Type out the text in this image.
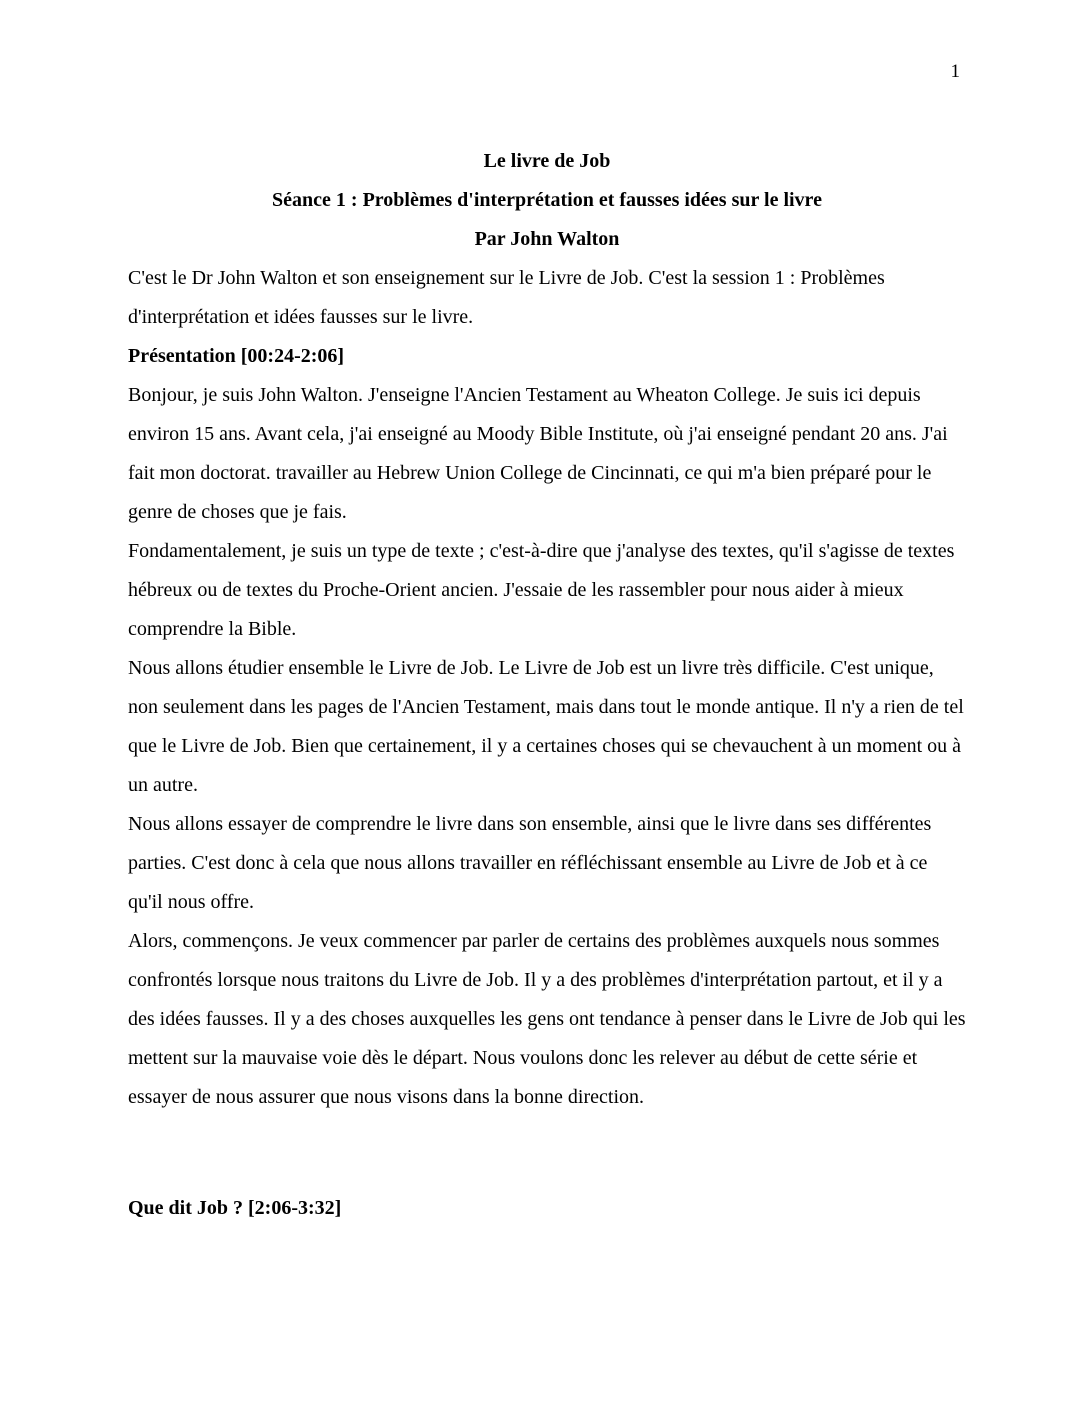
1

Le livre de Job

Séance 1 : Problèmes d'interprétation et fausses idées sur le livre

Par John Walton

C'est le Dr John Walton et son enseignement sur le Livre de Job. C'est la session 1 : Problèmes d'interprétation et idées fausses sur le livre.

Présentation [00:24-2:06]

Bonjour, je suis John Walton. J'enseigne l'Ancien Testament au Wheaton College. Je suis ici depuis environ 15 ans. Avant cela, j'ai enseigné au Moody Bible Institute, où j'ai enseigné pendant 20 ans. J'ai fait mon doctorat. travailler au Hebrew Union College de Cincinnati, ce qui m'a bien préparé pour le genre de choses que je fais.

Fondamentalement, je suis un type de texte ; c'est-à-dire que j'analyse des textes, qu'il s'agisse de textes hébreux ou de textes du Proche-Orient ancien. J'essaie de les rassembler pour nous aider à mieux comprendre la Bible.

Nous allons étudier ensemble le Livre de Job. Le Livre de Job est un livre très difficile. C'est unique, non seulement dans les pages de l'Ancien Testament, mais dans tout le monde antique. Il n'y a rien de tel que le Livre de Job. Bien que certainement, il y a certaines choses qui se chevauchent à un moment ou à un autre.

Nous allons essayer de comprendre le livre dans son ensemble, ainsi que le livre dans ses différentes parties. C'est donc à cela que nous allons travailler en réfléchissant ensemble au Livre de Job et à ce qu'il nous offre.

Alors, commençons. Je veux commencer par parler de certains des problèmes auxquels nous sommes confrontés lorsque nous traitons du Livre de Job. Il y a des problèmes d'interprétation partout, et il y a des idées fausses. Il y a des choses auxquelles les gens ont tendance à penser dans le Livre de Job qui les mettent sur la mauvaise voie dès le départ. Nous voulons donc les relever au début de cette série et essayer de nous assurer que nous visons dans la bonne direction.

Que dit Job ? [2:06-3:32]
